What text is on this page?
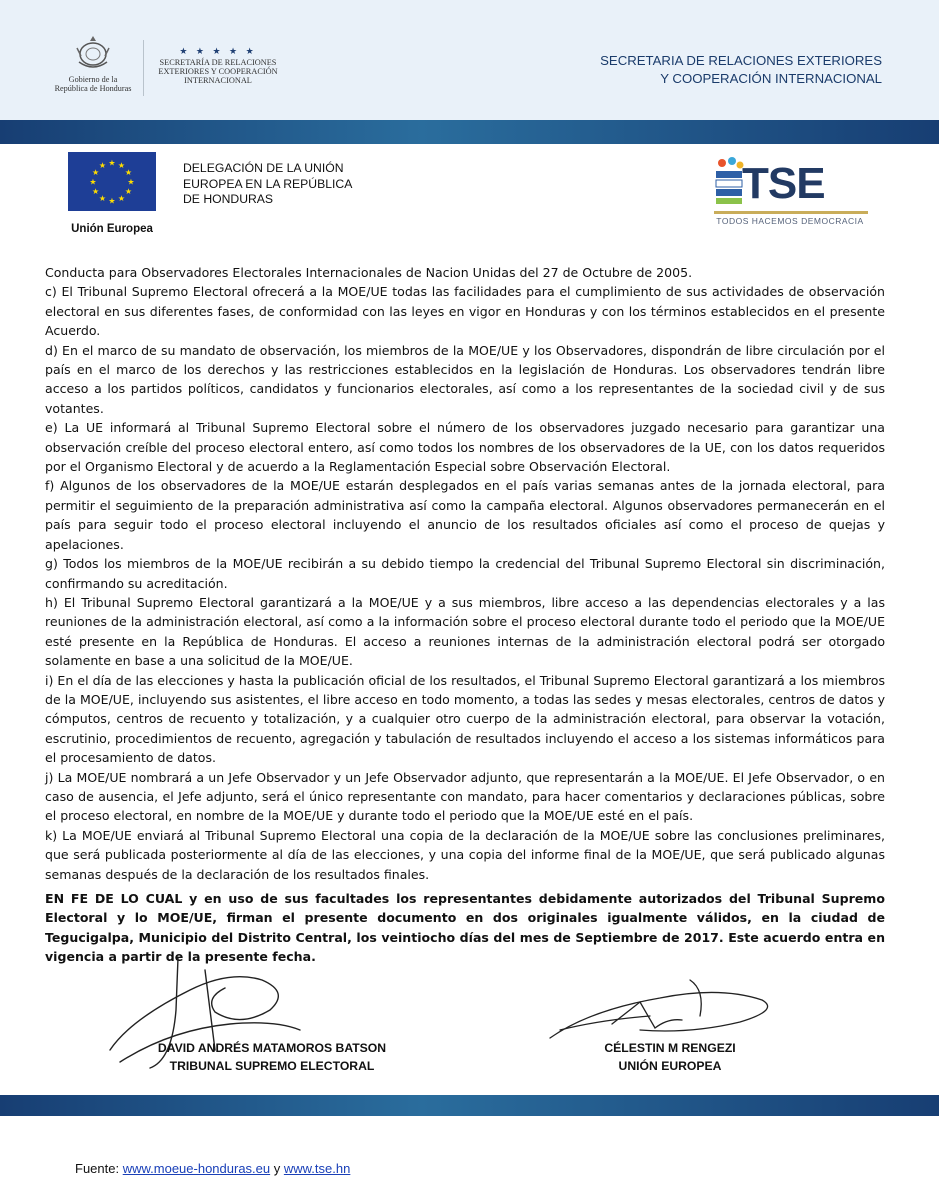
Gobierno de la
República de Honduras
★ ★ ★ ★ ★
SECRETARÍA DE RELACIONES
EXTERIORES Y COOPERACIÓN
INTERNACIONAL
SECRETARIA DE RELACIONES EXTERIORES
Y COOPERACIÓN INTERNACIONAL
★
★
★
★
★
★
★
★
★ ★ ★
★
Unión Europea
DELEGACIÓN DE LA UNIÓN
EUROPEA EN LA REPÚBLICA
DE HONDURAS	TSE
TODOS HACEMOS DEMOCRACIA

Conducta para Observadores Electorales Internacionales de Nacion Unidas del 27 de Octubre de 2005.

c) El Tribunal Supremo Electoral ofrecerá a la MOE/UE todas las facilidades para el cumplimiento de sus actividades de observación electoral en sus diferentes fases, de conformidad con las leyes en vigor en Honduras y con los términos establecidos en el presente Acuerdo.

d) En el marco de su mandato de observación, los miembros de la MOE/UE y los Observadores, dispondrán de libre circulación por el país en el marco de los derechos y las restricciones establecidos en la legislación de Honduras. Los observadores tendrán libre acceso a los partidos políticos, candidatos y funcionarios electorales, así como a los representantes de la sociedad civil y de sus votantes.

e) La UE informará al Tribunal Supremo Electoral sobre el número de los observadores juzgado necesario para garantizar una observación creíble del proceso electoral entero, así como todos los nombres de los observadores de la UE, con los datos requeridos por el Organismo Electoral y de acuerdo a la Reglamentación Especial sobre Observación Electoral.

f) Algunos de los observadores de la MOE/UE estarán desplegados en el país varias semanas antes de la jornada electoral, para permitir el seguimiento de la preparación administrativa así como la campaña electoral. Algunos observadores permanecerán en el país para seguir todo el proceso electoral incluyendo el anuncio de los resultados oficiales así como el proceso de quejas y apelaciones.

g) Todos los miembros de la MOE/UE recibirán a su debido tiempo la credencial del Tribunal Supremo Electoral sin discriminación, confirmando su acreditación.

h) El Tribunal Supremo Electoral garantizará a la MOE/UE y a sus miembros, libre acceso a las dependencias electorales y a las reuniones de la administración electoral, así como a la información sobre el proceso electoral durante todo el periodo que la MOE/UE esté presente en la República de Honduras. El acceso a reuniones internas de la administración electoral podrá ser otorgado solamente en base a una solicitud de la MOE/UE.

i) En el día de las elecciones y hasta la publicación oficial de los resultados, el Tribunal Supremo Electoral garantizará a los miembros de la MOE/UE, incluyendo sus asistentes, el libre acceso en todo momento, a todas las sedes y mesas electorales, centros de datos y cómputos, centros de recuento y totalización, y a cualquier otro cuerpo de la administración electoral, para observar la votación, escrutinio, procedimientos de recuento, agregación y tabulación de resultados incluyendo el acceso a los sistemas informáticos para el procesamiento de datos.

j) La MOE/UE nombrará a un Jefe Observador y un Jefe Observador adjunto, que representarán a la MOE/UE. El Jefe Observador, o en caso de ausencia, el Jefe adjunto, será el único representante con mandato, para hacer comentarios y declaraciones públicas, sobre el proceso electoral, en nombre de la MOE/UE y durante todo el periodo que la MOE/UE esté en el país.

k) La MOE/UE enviará al Tribunal Supremo Electoral una copia de la declaración de la MOE/UE sobre las conclusiones preliminares, que será publicada posteriormente al día de las elecciones, y una copia del informe final de la MOE/UE, que será publicado algunas semanas después de la declaración de los resultados finales.

EN FE DE LO CUAL y en uso de sus facultades los representantes debidamente autorizados del Tribunal Supremo Electoral y lo MOE/UE, firman el presente documento en dos originales igualmente válidos, en la ciudad de Tegucigalpa, Municipio del Distrito Central, los veintiocho días del mes de Septiembre de 2017. Este acuerdo entra en vigencia a partir de la presente fecha.
DAVID ANDRÉS MATAMOROS BATSON
TRIBUNAL SUPREMO ELECTORAL
CÉLESTIN M RENGEZI
UNIÓN EUROPEA
Fuente: www.moeue-honduras.eu y www.tse.hn
